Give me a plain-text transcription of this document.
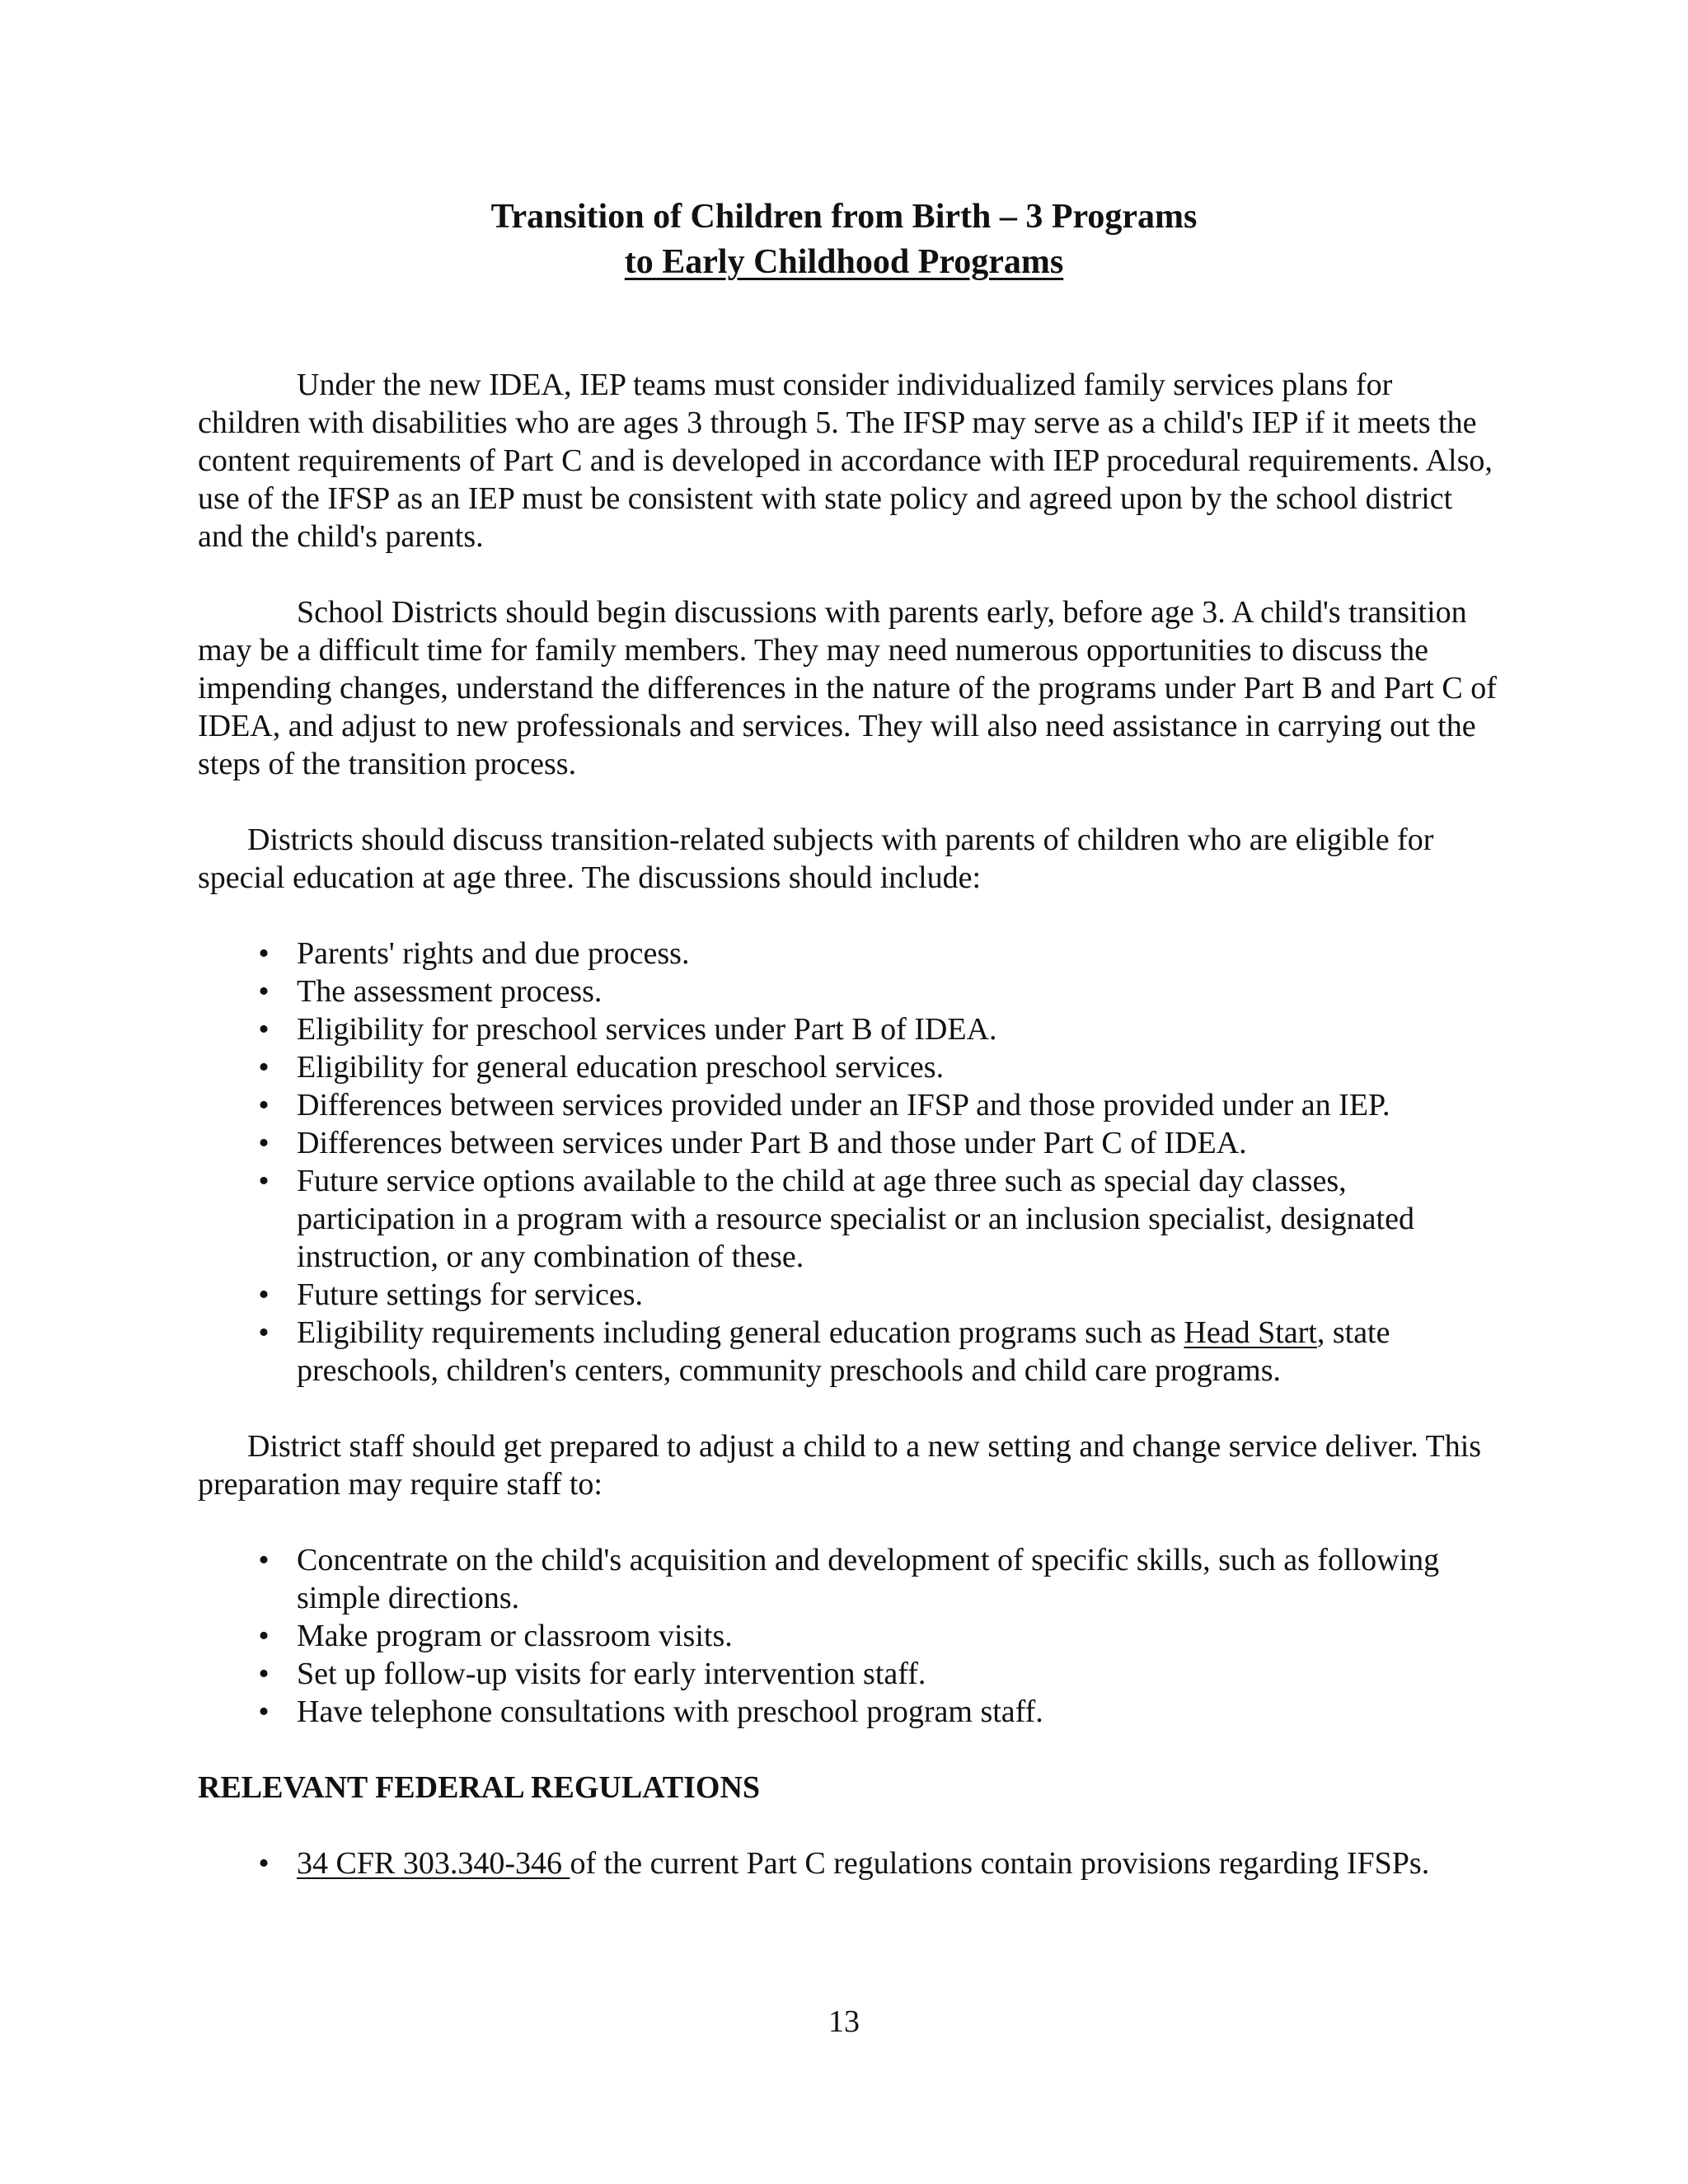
Transition of Children from Birth – 3 Programs
to Early Childhood Programs

Under the new IDEA, IEP teams must consider individualized family services plans for children with disabilities who are ages 3 through 5. The IFSP may serve as a child's IEP if it meets the content requirements of Part C and is developed in accordance with IEP procedural requirements. Also, use of the IFSP as an IEP must be consistent with state policy and agreed upon by the school district and the child's parents.

School Districts should begin discussions with parents early, before age 3. A child's transition may be a difficult time for family members. They may need numerous opportunities to discuss the impending changes, understand the differences in the nature of the programs under Part B and Part C of IDEA, and adjust to new professionals and services. They will also need assistance in carrying out the steps of the transition process.

Districts should discuss transition-related subjects with parents of children who are eligible for special education at age three. The discussions should include:

• Parents' rights and due process.
• The assessment process.
• Eligibility for preschool services under Part B of IDEA.
• Eligibility for general education preschool services.
• Differences between services provided under an IFSP and those provided under an IEP.
• Differences between services under Part B and those under Part C of IDEA.
• Future service options available to the child at age three such as special day classes, participation in a program with a resource specialist or an inclusion specialist, designated instruction, or any combination of these.
• Future settings for services.
• Eligibility requirements including general education programs such as Head Start, state preschools, children's centers, community preschools and child care programs.

District staff should get prepared to adjust a child to a new setting and change service deliver. This preparation may require staff to:

• Concentrate on the child's acquisition and development of specific skills, such as following simple directions.
• Make program or classroom visits.
• Set up follow-up visits for early intervention staff.
• Have telephone consultations with preschool program staff.

RELEVANT FEDERAL REGULATIONS

• 34 CFR 303.340-346 of the current Part C regulations contain provisions regarding IFSPs.
13
